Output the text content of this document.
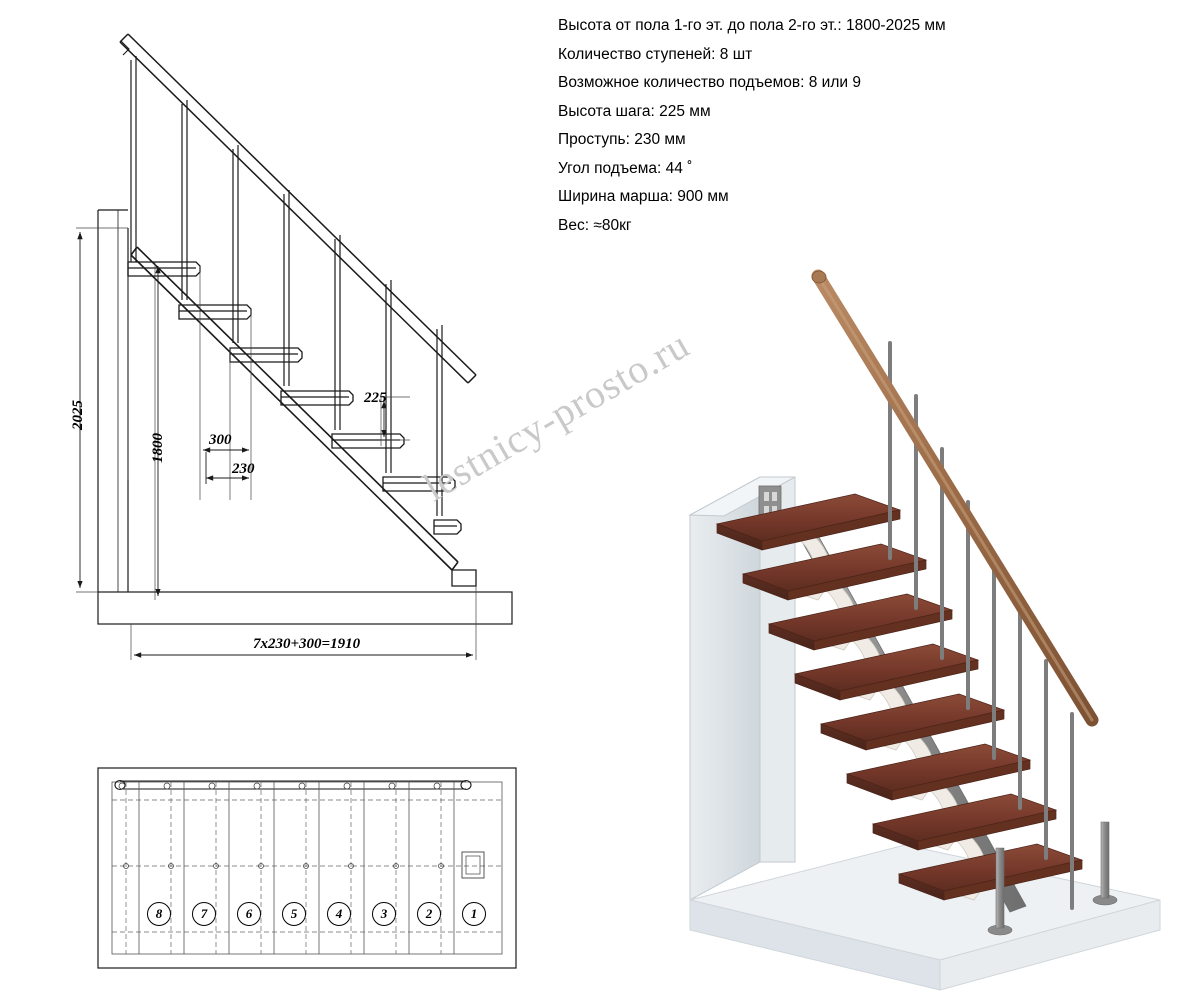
Высота от пола 1-го эт. до пола 2-го эт.: 1800-2025 мм
Количество ступеней: 8 шт
Возможное количество подъемов: 8 или 9
Высота шага: 225 мм
Проступь: 230 мм
Угол подъема: 44 ˚
Ширина марша: 900 мм
Вес: ≈80кг
2025
1800	300
230
225
7x230+300=1910
8	7	6	5	4	3	2	1
lestnicy-prosto.ru
